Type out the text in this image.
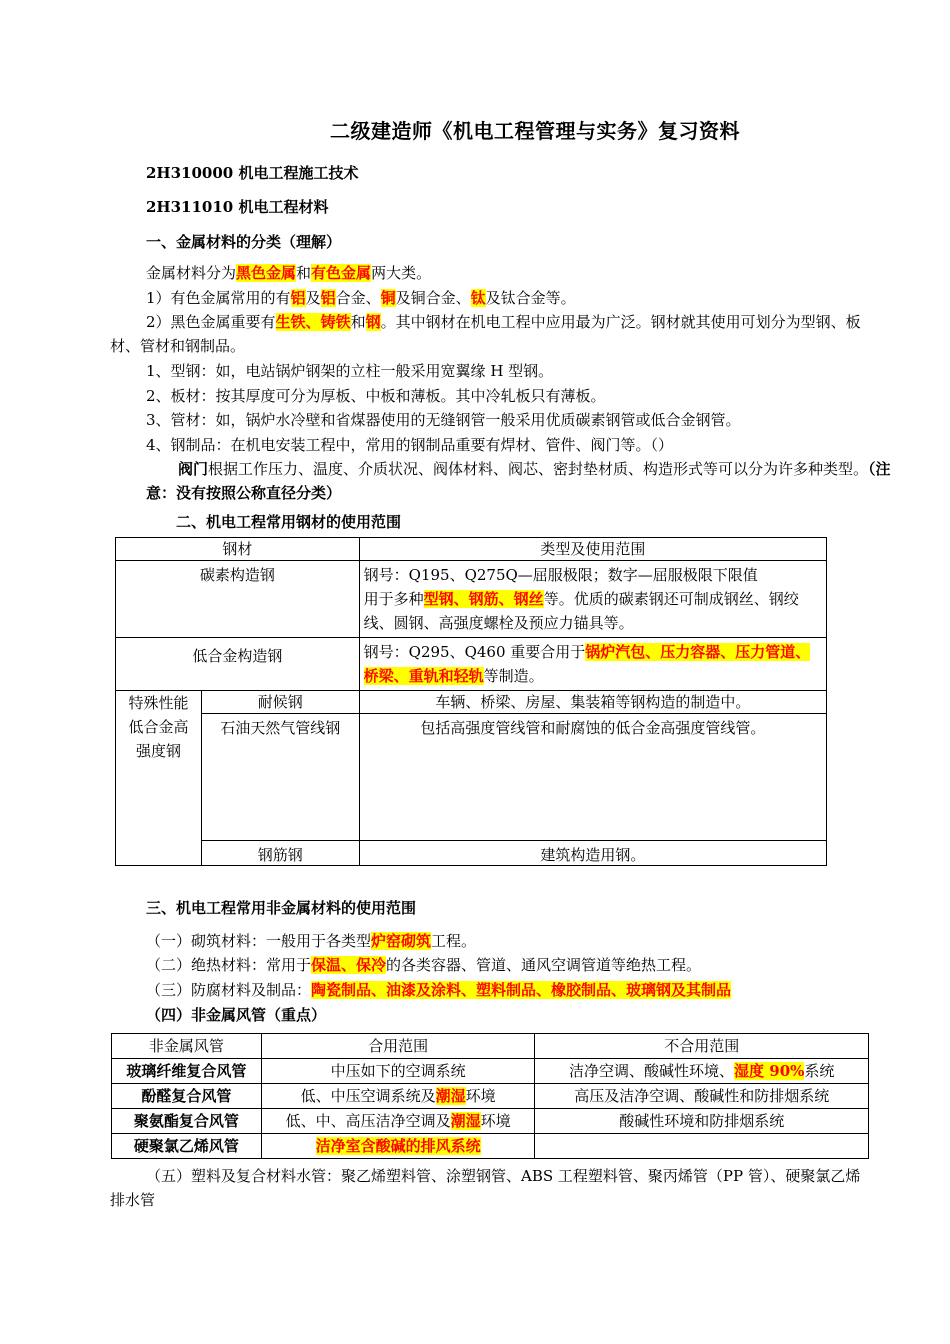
二级建造师《机电工程管理与实务》复习资料
2H310000 机电工程施工技术
2H311010 机电工程材料
一、金属材料的分类（理解）
金属材料分为黑色金属和有色金属两大类。
1）有色金属常用的有铝及铝合金、铜及铜合金、钛及钛合金等。
2）黑色金属重要有生铁、铸铁和钢。其中钢材在机电工程中应用最为广泛。钢材就其使用可划分为型钢、板材、管材和钢制品。
1、型钢：如，电站锅炉钢架的立柱一般采用宽翼缘 H 型钢。
2、板材：按其厚度可分为厚板、中板和薄板。其中冷轧板只有薄板。
3、管材：如，锅炉水冷壁和省煤器使用的无缝钢管一般采用优质碳素钢管或低合金钢管。
4、钢制品：在机电安装工程中，常用的钢制品重要有焊材、管件、阀门等。（）
阀门根据工作压力、温度、介质状况、阀体材料、阀芯、密封垫材质、构造形式等可以分为许多种类型。（注意：没有按照公称直径分类）
二、机电工程常用钢材的使用范围
钢材		类型及使用范围
碳素构造钢		钢号：Q195、Q275Q—屈服极限；数字—屈服极限下限值
用于多种型钢、钢筋、钢丝等。优质的碳素钢还可制成钢丝、钢绞线、圆钢、高强度螺栓及预应力锚具等。
低合金构造钢		钢号：Q295、Q460 重要合用于锅炉汽包、压力容器、压力管道、桥梁、重轨和轻轨等制造。
特殊性能低合金高强度钢	耐候钢	车辆、桥梁、房屋、集装箱等钢构造的制造中。
	石油天然气管线钢	包括高强度管线管和耐腐蚀的低合金高强度管线管。
	钢筋钢	建筑构造用钢。
三、机电工程常用非金属材料的使用范围
（一）砌筑材料：一般用于各类型炉窑砌筑工程。
（二）绝热材料：常用于保温、保冷的各类容器、管道、通风空调管道等绝热工程。
（三）防腐材料及制品：陶瓷制品、油漆及涂料、塑料制品、橡胶制品、玻璃钢及其制品
（四）非金属风管（重点）
非金属风管	合用范围	不合用范围
玻璃纤维复合风管	中压如下的空调系统	洁净空调、酸碱性环境、湿度 90%系统
酚醛复合风管	低、中压空调系统及潮湿环境	高压及洁净空调、酸碱性和防排烟系统
聚氨酯复合风管	低、中、高压洁净空调及潮湿环境	酸碱性环境和防排烟系统
硬聚氯乙烯风管	洁净室含酸碱的排风系统	
（五）塑料及复合材料水管：聚乙烯塑料管、涂塑钢管、ABS 工程塑料管、聚丙烯管（PP 管）、硬聚氯乙烯排水管
